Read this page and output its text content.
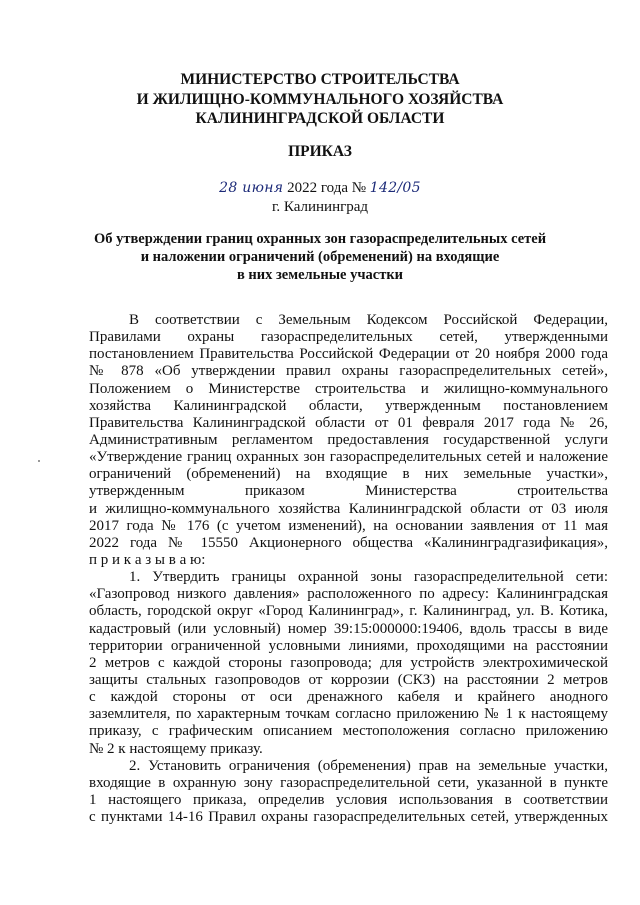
МИНИСТЕРСТВО СТРОИТЕЛЬСТВА
И ЖИЛИЩНО-КОММУНАЛЬНОГО ХОЗЯЙСТВА
КАЛИНИНГРАДСКОЙ ОБЛАСТИ
ПРИКАЗ
28 июня 2022 года № 142/05
г. Калининград
Об утверждении границ охранных зон газораспределительных сетей
и наложении ограничений (обременений) на входящие
в них земельные участки
В соответствии с Земельным Кодексом Российской Федерации,
Правилами охраны газораспределительных сетей, утвержденными
постановлением Правительства Российской Федерации от 20 ноября 2000 года
№ 878 «Об утверждении правил охраны газораспределительных сетей»,
Положением о Министерстве строительства и жилищно-коммунального
хозяйства Калининградской области, утвержденным постановлением
Правительства Калининградской области от 01 февраля 2017 года № 26,
Административным регламентом предоставления государственной услуги
«Утверждение границ охранных зон газораспределительных сетей и наложение
ограничений (обременений) на входящие в них земельные участки»,
утвержденным приказом Министерства строительства
и жилищно-коммунального хозяйства Калининградской области от 03 июля
2017 года № 176 (с учетом изменений), на основании заявления от 11 мая
2022 года № 15550 Акционерного общества «Калининградгазификация»,
п р и к а з ы в а ю:
1. Утвердить границы охранной зоны газораспределительной сети:
«Газопровод низкого давления» расположенного по адресу: Калининградская
область, городской округ «Город Калининград», г. Калининград, ул. В. Котика,
кадастровый (или условный) номер 39:15:000000:19406, вдоль трассы в виде
территории ограниченной условными линиями, проходящими на расстоянии
2 метров с каждой стороны газопровода; для устройств электрохимической
защиты стальных газопроводов от коррозии (СКЗ) на расстоянии 2 метров
с каждой стороны от оси дренажного кабеля и крайнего анодного
заземлителя, по характерным точкам согласно приложению № 1 к настоящему
приказу, с графическим описанием местоположения согласно приложению
№ 2 к настоящему приказу.
2. Установить ограничения (обременения) прав на земельные участки,
входящие в охранную зону газораспределительной сети, указанной в пункте
1 настоящего приказа, определив условия использования в соответствии
с пунктами 14-16 Правил охраны газораспределительных сетей, утвержденных
